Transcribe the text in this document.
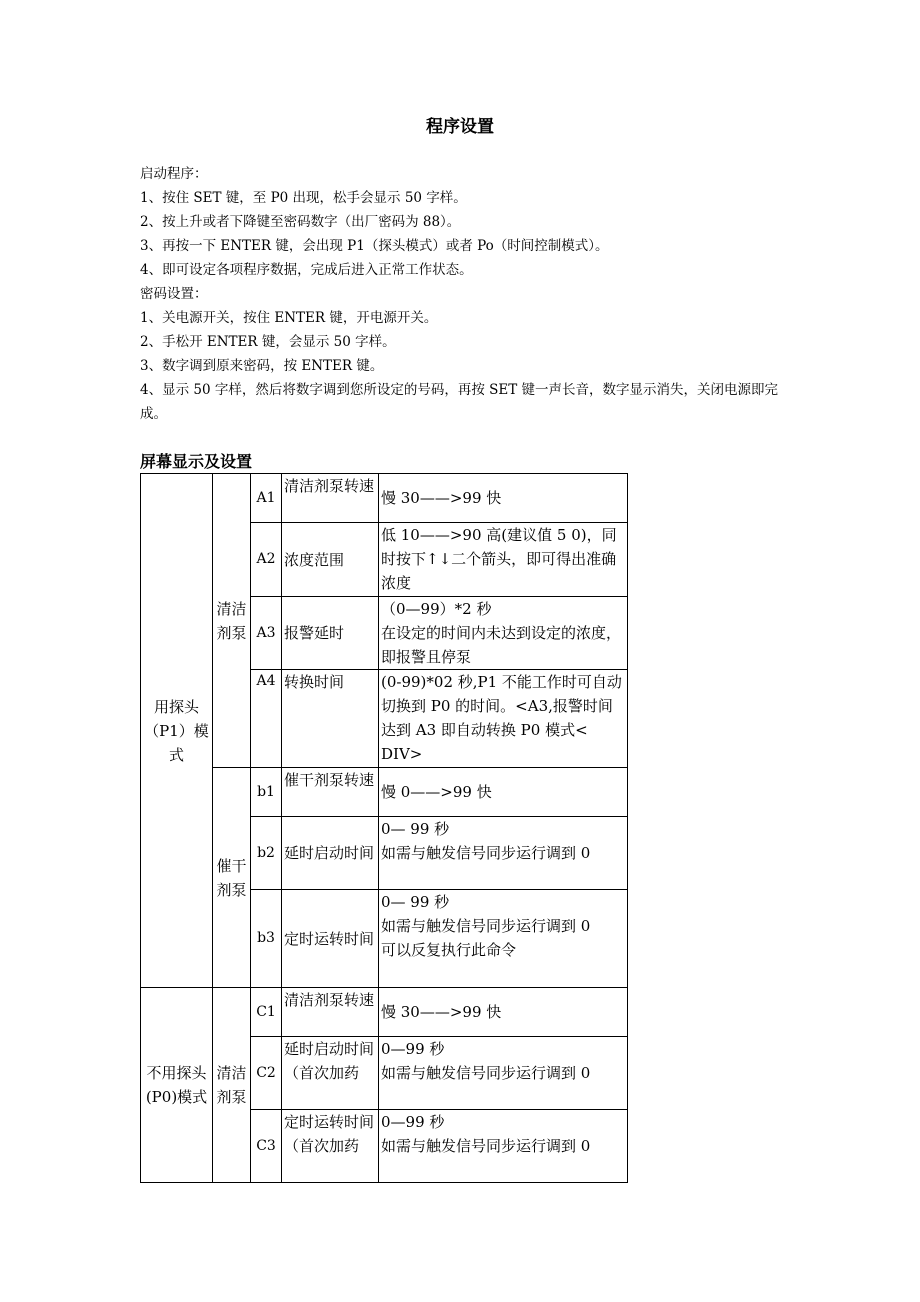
程序设置

启动程序：

1、按住 SET 键，至 P0 出现，松手会显示 50 字样。

2、按上升或者下降键至密码数字（出厂密码为 88）。

3、再按一下 ENTER 键，会出现 P1（探头模式）或者 Po（时间控制模式）。

4、即可设定各项程序数据，完成后进入正常工作状态。

密码设置：

1、关电源开关，按住 ENTER 键，开电源开关。

2、手松开 ENTER 键，会显示 50 字样。

3、数字调到原来密码，按 ENTER 键。

4、显示 50 字样，然后将数字调到您所设定的号码，再按 SET 键一声长音，数字显示消失，关闭电源即完成。

屏幕显示及设置
用探头（P1）模式	清洁剂泵	A1	清洁剂泵转速	慢 30——>99 快
		A2	浓度范围	低 10——>90 高(建议值 5 0)，同时按下↑↓二个箭头，即可得出准确浓度
		A3	报警延时	（0—99）*2 秒
在设定的时间内未达到设定的浓度，即报警且停泵
		A4	转换时间	(0-99)*02 秒,P1 不能工作时可自动切换到 P0 的时间。<A3,报警时间达到 A3 即自动转换 P0 模式< DIV>
	催干剂泵	b1	催干剂泵转速	慢 0——>99 快
		b2	延时启动时间	0— 99 秒
如需与触发信号同步运行调到 0
		b3	定时运转时间	0— 99 秒
如需与触发信号同步运行调到 0
可以反复执行此命令
不用探头(P0)模式	清洁剂泵	C1	清洁剂泵转速	慢 30——>99 快
		C2	延时启动时间（首次加药	0—99 秒
如需与触发信号同步运行调到 0
		C3	定时运转时间（首次加药	0—99 秒
如需与触发信号同步运行调到 0
